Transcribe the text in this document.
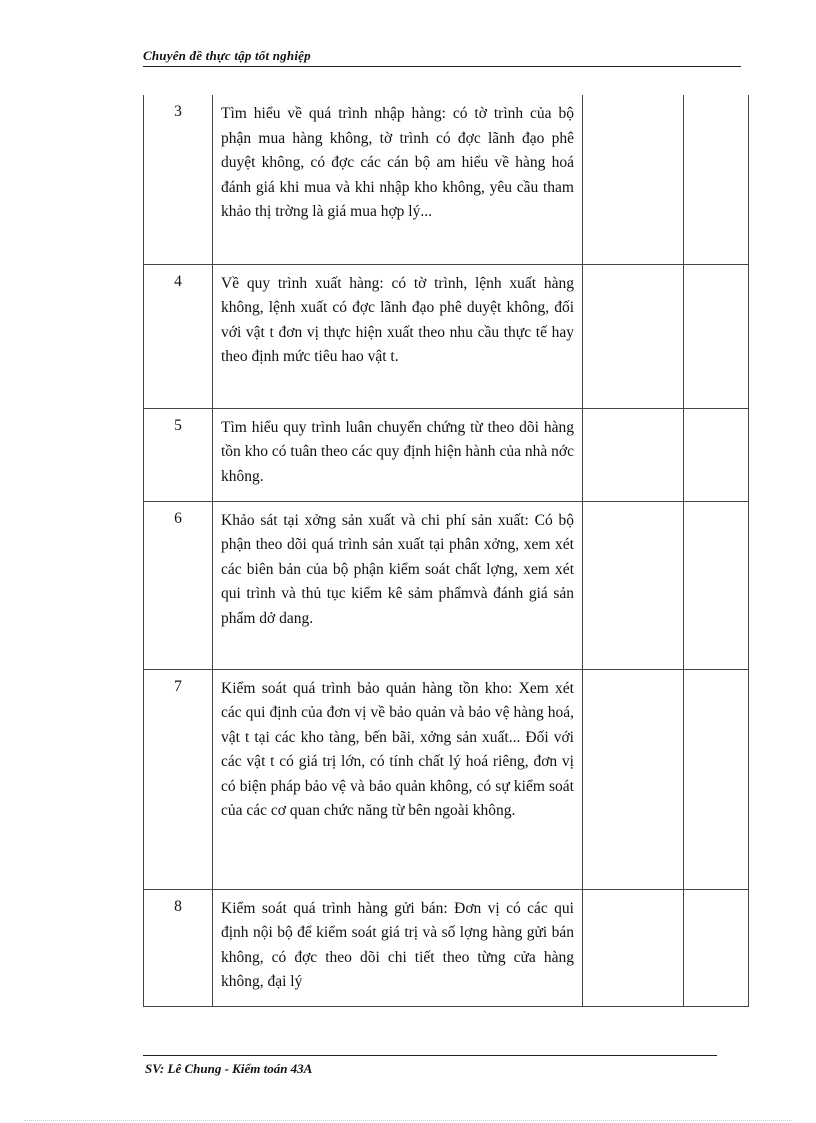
Chuyên đề thực tập tốt nghiệp
3	Tìm hiểu về quá trình nhập hàng: có tờ trình của bộ phận mua hàng không, tờ trình có đợc lãnh đạo phê duyệt không, có đợc các cán bộ am hiểu về hàng hoá đánh giá khi mua và khi nhập kho không, yêu cầu tham khảo thị trờng là giá mua hợp lý...		

4	Về quy trình xuất hàng: có tờ trình, lệnh xuất hàng không, lệnh xuất có đợc lãnh đạo phê duyệt không, đối với vật t đơn vị thực hiện xuất theo nhu cầu thực tế hay theo định mức tiêu hao vật t.		

5	Tìm hiểu quy trình luân chuyển chứng từ theo dõi hàng tồn kho có tuân theo các quy định hiện hành của nhà nớc không.		

6	Khảo sát tại xởng sản xuất và chi phí sản xuất: Có bộ phận theo dõi quá trình sản xuất tại phân xởng, xem xét các biên bản của bộ phận kiểm soát chất lợng, xem xét qui trình và thủ tục kiểm kê sảm phẩmvà đánh giá sản phẩm dở dang.		

7	Kiểm soát quá trình bảo quản hàng tồn kho: Xem xét các qui định của đơn vị về bảo quản và bảo vệ hàng hoá, vật t tại các kho tàng, bến bãi, xởng sản xuất... Đối với các vật t có giá trị lớn, có tính chất lý hoá riêng, đơn vị có biện pháp bảo vệ và bảo quản không, có sự kiểm soát của các cơ quan chức năng từ bên ngoài không.		

8	Kiểm soát quá trình hàng gửi bán: Đơn vị có các qui định nội bộ để kiểm soát giá trị và số lợng hàng gửi bán không, có đợc theo dõi chi tiết theo từng cửa hàng không, đại lý		

SV: Lê Chung - Kiểm toán 43A
